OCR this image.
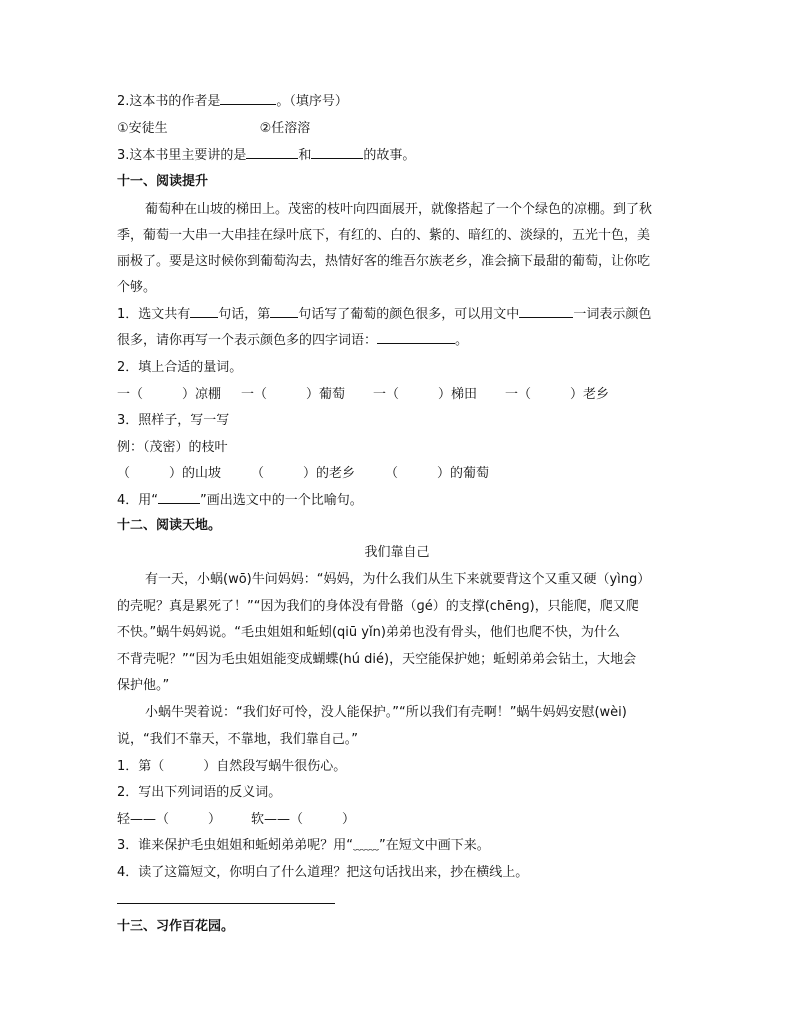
2.这本书的作者是	。（填序号）
①安徒生	②任溶溶
3.这本书里主要讲的是	和	的故事。
十一、阅读提升
葡萄种在山坡的梯田上。茂密的枝叶向四面展开，就像搭起了一个个绿色的凉棚。到了秋
季，葡萄一大串一大串挂在绿叶底下，有红的、白的、紫的、暗红的、淡绿的，五光十色，美
丽极了。要是这时候你到葡萄沟去，热情好客的维吾尔族老乡，准会摘下最甜的葡萄，让你吃
个够。
1．选文共有 句话，第 句话写了葡萄的颜色很多，可以用文中	一词表示颜色
很多，请你再写一个表示颜色多的四字词语：	。
2．填上合适的量词。
一（　　　）凉棚 一（　　　）葡萄 一（　　　）梯田 一（　　　）老乡
3．照样子，写一写
例：（茂密）的枝叶
（　　　）的山坡 （　　　）的老乡 （　　　）的葡萄
4．用“	”画出选文中的一个比喻句。
十二、阅读天地。
我们靠自己
有一天，小蜗(wō)牛问妈妈：“妈妈，为什么我们从生下来就要背这个又重又硬（yìng）
的壳呢？真是累死了！”“因为我们的身体没有骨骼（ɡé）的支撑(chēnɡ)，只能爬，爬又爬
不快。”蜗牛妈妈说。“毛虫姐姐和蚯蚓(qiū yǐn)弟弟也没有骨头，他们也爬不快，为什么
不背壳呢？”“因为毛虫姐姐能变成蝴蝶(hú dié)，天空能保护她；蚯蚓弟弟会钻土，大地会
保护他。”
小蜗牛哭着说：“我们好可怜，没人能保护。”“所以我们有壳啊！”蜗牛妈妈安慰(wèi)
说，“我们不靠天，不靠地，我们靠自己。”
1．第（　　　）自然段写蜗牛很伤心。
2．写出下列词语的反义词。
轻——（　　　） 软——（　　　）
3．谁来保护毛虫姐姐和蚯蚓弟弟呢？用“﹏﹏”在短文中画下来。
4．读了这篇短文，你明白了什么道理？把这句话找出来，抄在横线上。
十三、习作百花园。
